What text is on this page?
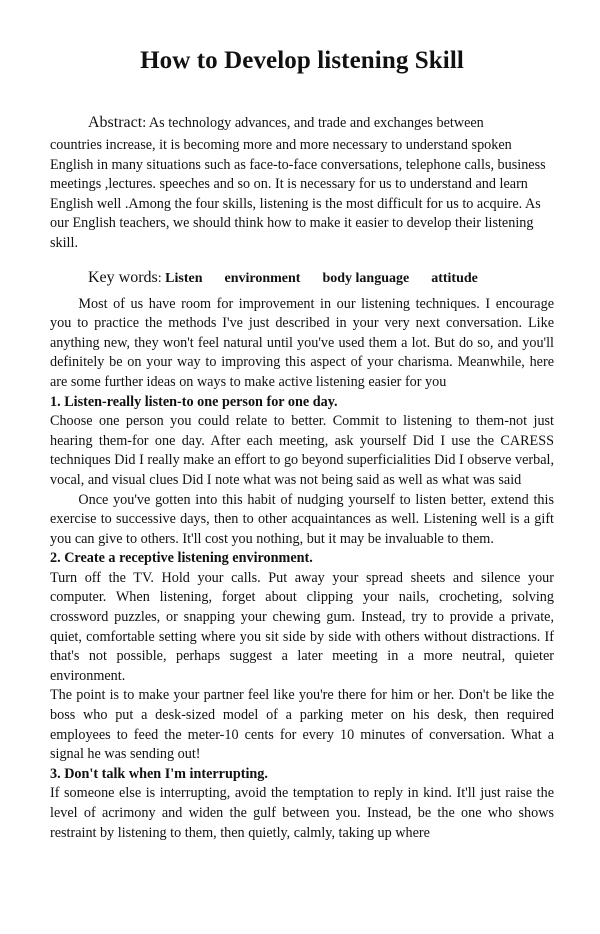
How to Develop listening Skill

Abstract: As technology advances, and trade and exchanges between

countries increase, it is becoming more and more necessary to understand spoken English in many situations such as face-to-face conversations, telephone calls, business meetings ,lectures. speeches and so on. It is necessary for us to understand and learn English well .Among the four skills, listening is the most difficult for us to acquire. As our English teachers, we should think how to make it easier to develop their listening skill.

Key words: Listen environment body language attitude

Most of us have room for improvement in our listening techniques. I encourage you to practice the methods I've just described in your very next conversation. Like anything new, they won't feel natural until you've used them a lot. But do so, and you'll definitely be on your way to improving this aspect of your charisma. Meanwhile, here are some further ideas on ways to make active listening easier for you

1. Listen-really listen-to one person for one day.

Choose one person you could relate to better. Commit to listening to them-not just hearing them-for one day. After each meeting, ask yourself Did I use the CARESS techniques Did I really make an effort to go beyond superficialities Did I observe verbal, vocal, and visual clues Did I note what was not being said as well as what was said

Once you've gotten into this habit of nudging yourself to listen better, extend this exercise to successive days, then to other acquaintances as well. Listening well is a gift you can give to others. It'll cost you nothing, but it may be invaluable to them.

2. Create a receptive listening environment.

Turn off the TV. Hold your calls. Put away your spread sheets and silence your computer. When listening, forget about clipping your nails, crocheting, solving crossword puzzles, or snapping your chewing gum. Instead, try to provide a private, quiet, comfortable setting where you sit side by side with others without distractions. If that's not possible, perhaps suggest a later meeting in a more neutral, quieter environment.

The point is to make your partner feel like you're there for him or her. Don't be like the boss who put a desk-sized model of a parking meter on his desk, then required employees to feed the meter-10 cents for every 10 minutes of conversation. What a signal he was sending out!

3. Don't talk when I'm interrupting.

If someone else is interrupting, avoid the temptation to reply in kind. It'll just raise the level of acrimony and widen the gulf between you. Instead, be the one who shows restraint by listening to them, then quietly, calmly, taking up where
